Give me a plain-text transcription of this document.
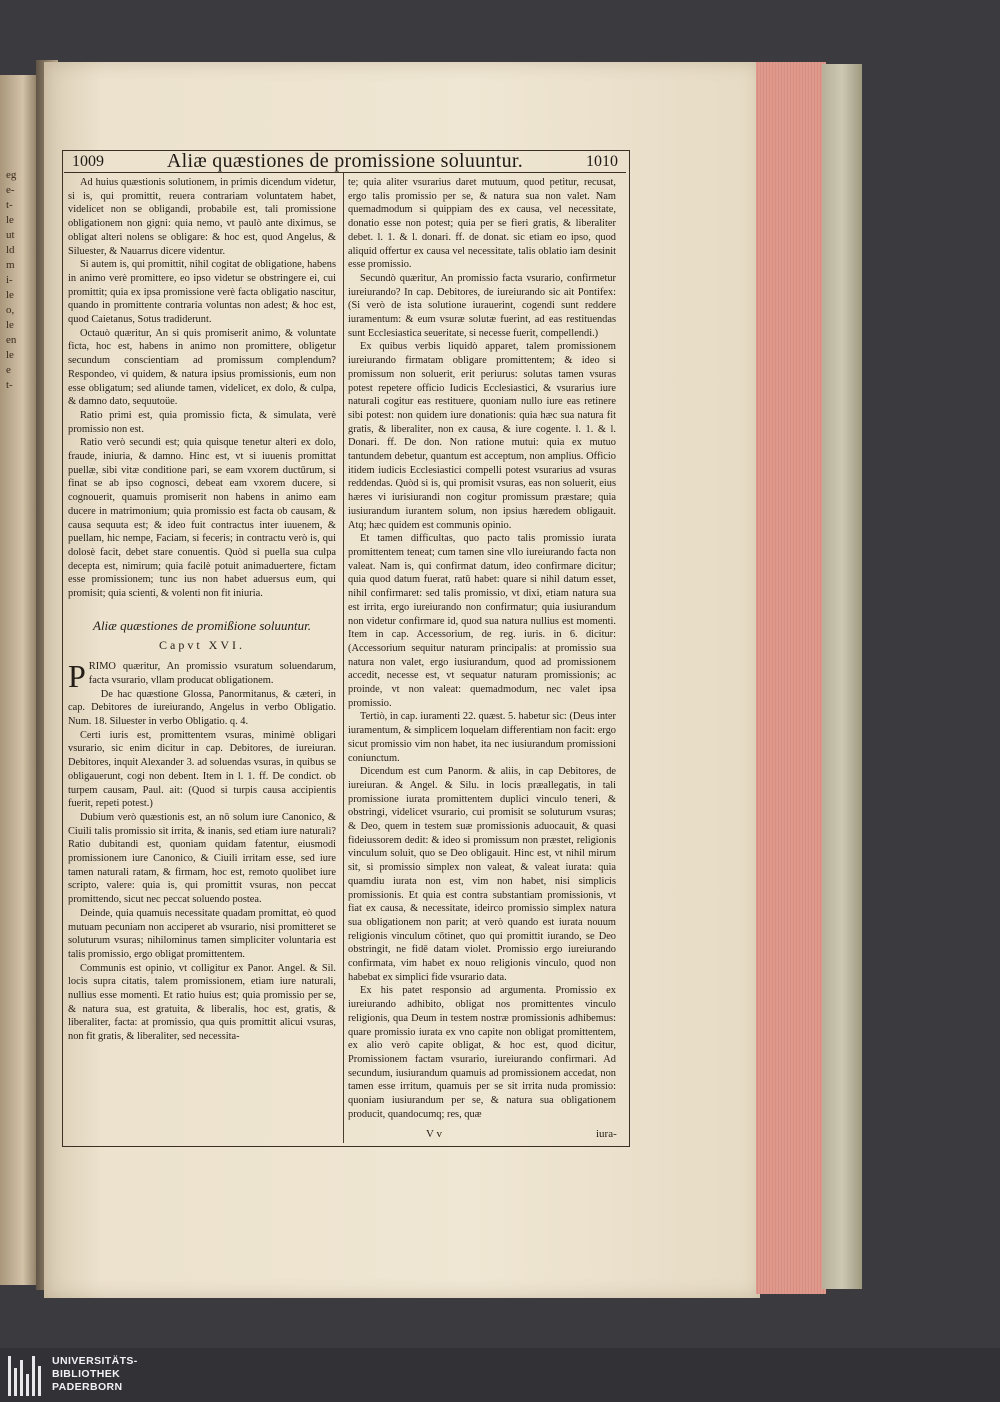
eg
e-
t-
le
ut
ld
m
i-
le
o,
le
en
le
e
t-
1009	Aliæ quæstiones de promissione soluuntur.	1010

Ad huius quæstionis solutionem, in primis dicendum videtur, si is, qui promittit, reuera contrariam voluntatem habet, videlicet non se obligandi, probabile est, tali promissione obligationem non gigni: quia nemo, vt paulò ante diximus, se obligat alteri nolens se obligare: & hoc est, quod Angelus, & Siluester, & Nauarrus dicere videntur.

Si autem is, qui promittit, nihil cogitat de obligatione, habens in animo verè promittere, eo ipso videtur se obstringere ei, cui promittit; quia ex ipsa promissione verè facta obligatio nascitur, quando in promittente contraria voluntas non adest; & hoc est, quod Caietanus, Sotus tradiderunt.

Octauò quæritur, An si quis promiserit animo, & voluntate ficta, hoc est, habens in animo non promittere, obligetur secundum conscientiam ad promissum complendum? Respondeo, vi quidem, & natura ipsius promissionis, eum non esse obligatum; sed aliunde tamen, videlicet, ex dolo, & culpa, & damno dato, sequutoüe.

Ratio primi est, quia promissio ficta, & simulata, verè promissio non est.

Ratio verò secundi est; quia quisque tenetur alteri ex dolo, fraude, iniuria, & damno. Hinc est, vt si iuuenis promittat puellæ, sibi vitæ conditione pari, se eam vxorem ductūrum, si finat se ab ipso cognosci, debeat eam vxorem ducere, si cognouerit, quamuis promiserit non habens in animo eam ducere in matrimonium; quia promissio est facta ob causam, & causa sequuta est; & ideo fuit contractus inter iuuenem, & puellam, hic nempe, Faciam, si feceris; in contractu verò is, qui dolosè facit, debet stare conuentis. Quòd si puella sua culpa decepta est, nimirum; quia facilè potuit animaduertere, fictam esse promissionem; tunc ius non habet aduersus eum, qui promisit; quia scienti, & volenti non fit iniuria.

Aliæ quæstiones de promißione soluuntur.
Capvt XVI.

PRIMO quæritur, An promissio vsuratum soluendarum, facta vsurario, vllam producat obligationem.

De hac quæstione Glossa, Panormitanus, & cæteri, in cap. Debitores de iureiurando, Angelus in verbo Obligatio. Num. 18. Siluester in verbo Obligatio. q. 4.

Certi iuris est, promittentem vsuras, minimè obligari vsurario, sic enim dicitur in cap. Debitores, de iureiuran. Debitores, inquit Alexander 3. ad soluendas vsuras, in quibus se obligauerunt, cogi non debent. Item in l. 1. ff. De condict. ob turpem causam, Paul. ait: (Quod si turpis causa accipientis fuerit, repeti potest.)

Dubium verò quæstionis est, an nō solum iure Canonico, & Ciuili talis promissio sit irrita, & inanis, sed etiam iure naturali? Ratio dubitandi est, quoniam quidam fatentur, eiusmodi promissionem iure Canonico, & Ciuili irritam esse, sed iure tamen naturali ratam, & firmam, hoc est, remoto quolibet iure scripto, valere: quia is, qui promittit vsuras, non peccat promittendo, sicut nec peccat soluendo postea.

Deinde, quia quamuis necessitate quadam promittat, eò quod mutuam pecuniam non acciperet ab vsurario, nisi promitteret se soluturum vsuras; nihilominus tamen simpliciter voluntaria est talis promissio, ergo obligat promittentem.

Communis est opinio, vt colligitur ex Panor. Angel. & Sil. locis supra citatis, talem promissionem, etiam iure naturali, nullius esse momenti. Et ratio huius est; quia promissio per se, & natura sua, est gratuita, & liberalis, hoc est, gratis, & liberaliter, facta: at promissio, qua quis promittit alicui vsuras, non fit gratis, & liberaliter, sed necessita-

te; quia aliter vsurarius daret mutuum, quod petitur, recusat, ergo talis promissio per se, & natura sua non valet. Nam quemadmodum si quippiam des ex causa, vel necessitate, donatio esse non potest; quia per se fieri gratis, & liberaliter debet. l. 1. & l. donari. ff. de donat. sic etiam eo ipso, quod aliquid offertur ex causa vel necessitate, talis oblatio iam desinit esse promissio.

Secundò quæritur, An promissio facta vsurario, confirmetur iureiurando? In cap. Debitores, de iureiurando sic ait Pontifex: (Si verò de ista solutione iurauerint, cogendi sunt reddere iuramentum: & eum vsuræ solutæ fuerint, ad eas restituendas sunt Ecclesiastica seueritate, si necesse fuerit, compellendi.)

Ex quibus verbis liquidò apparet, talem promissionem iureiurando firmatam obligare promittentem; & ideo si promissum non soluerit, erit periurus: solutas tamen vsuras potest repetere officio Iudicis Ecclesiastici, & vsurarius iure naturali cogitur eas restituere, quoniam nullo iure eas retinere sibi potest: non quidem iure donationis: quia hæc sua natura fit gratis, & liberaliter, non ex causa, & iure cogente. l. 1. & l. Donari. ff. De don. Non ratione mutui: quia ex mutuo tantundem debetur, quantum est acceptum, non amplius. Officio itidem iudicis Ecclesiastici compelli potest vsurarius ad vsuras reddendas. Quòd si is, qui promisit vsuras, eas non soluerit, eius hæres vi iurisiurandi non cogitur promissum præstare; quia iusiurandum iurantem solum, non ipsius hæredem obligauit. Atq; hæc quidem est communis opinio.

Et tamen difficultas, quo pacto talis promissio iurata promittentem teneat; cum tamen sine vllo iureiurando facta non valeat. Nam is, qui confirmat datum, ideo confirmare dicitur; quia quod datum fuerat, ratū habet: quare si nihil datum esset, nihil confirmaret: sed talis promissio, vt dixi, etiam natura sua est irrita, ergo iureiurando non confirmatur; quia iusiurandum non videtur confirmare id, quod sua natura nullius est momenti. Item in cap. Accessorium, de reg. iuris. in 6. dicitur: (Accessorium sequitur naturam principalis: at promissio sua natura non valet, ergo iusiurandum, quod ad promissionem accedit, necesse est, vt sequatur naturam promissionis; ac proinde, vt non valeat: quemadmodum, nec valet ipsa promissio.

Tertiò, in cap. iuramenti 22. quæst. 5. habetur sic: (Deus inter iuramentum, & simplicem loquelam differentiam non facit: ergo sicut promissio vim non habet, ita nec iusiurandum promissioni coniunctum.

Dicendum est cum Panorm. & aliis, in cap Debitores, de iureiuran. & Angel. & Silu. in locis præallegatis, in tali promissione iurata promittentem duplici vinculo teneri, & obstringi, videlicet vsurario, cui promisit se soluturum vsuras; & Deo, quem in testem suæ promissionis aduocauit, & quasi fideiussorem dedit: & ideo si promissum non præstet, religionis vinculum soluit, quo se Deo obligauit. Hinc est, vt nihil mirum sit, si promissio simplex non valeat, & valeat iurata: quia quamdiu iurata non est, vim non habet, nisi simplicis promissionis. Et quia est contra substantiam promissionis, vt fiat ex causa, & necessitate, ideirco promissio simplex natura sua obligationem non parit; at verò quando est iurata nouum religionis vinculum cōtinet, quo qui promittit iurando, se Deo obstringit, ne fidē datam violet. Promissio ergo iureiurando confirmata, vim habet ex nouo religionis vinculo, quod non habebat ex simplici fide vsurario data.

Ex his patet responsio ad argumenta. Promissio ex iureiurando adhibito, obligat nos promittentes vinculo religionis, qua Deum in testem nostræ promissionis adhibemus: quare promissio iurata ex vno capite non obligat promittentem, ex alio verò capite obligat, & hoc est, quod dicitur, Promissionem factam vsurario, iureiurando confirmari. Ad secundum, iusiurandum quamuis ad promissionem accedat, non tamen esse irritum, quamuis per se sit irrita nuda promissio: quoniam iusiurandum per se, & natura sua obligationem producit, quandocumq; res, quæ

V v	iura-
UNIVERSITÄTS-
BIBLIOTHEK
PADERBORN
